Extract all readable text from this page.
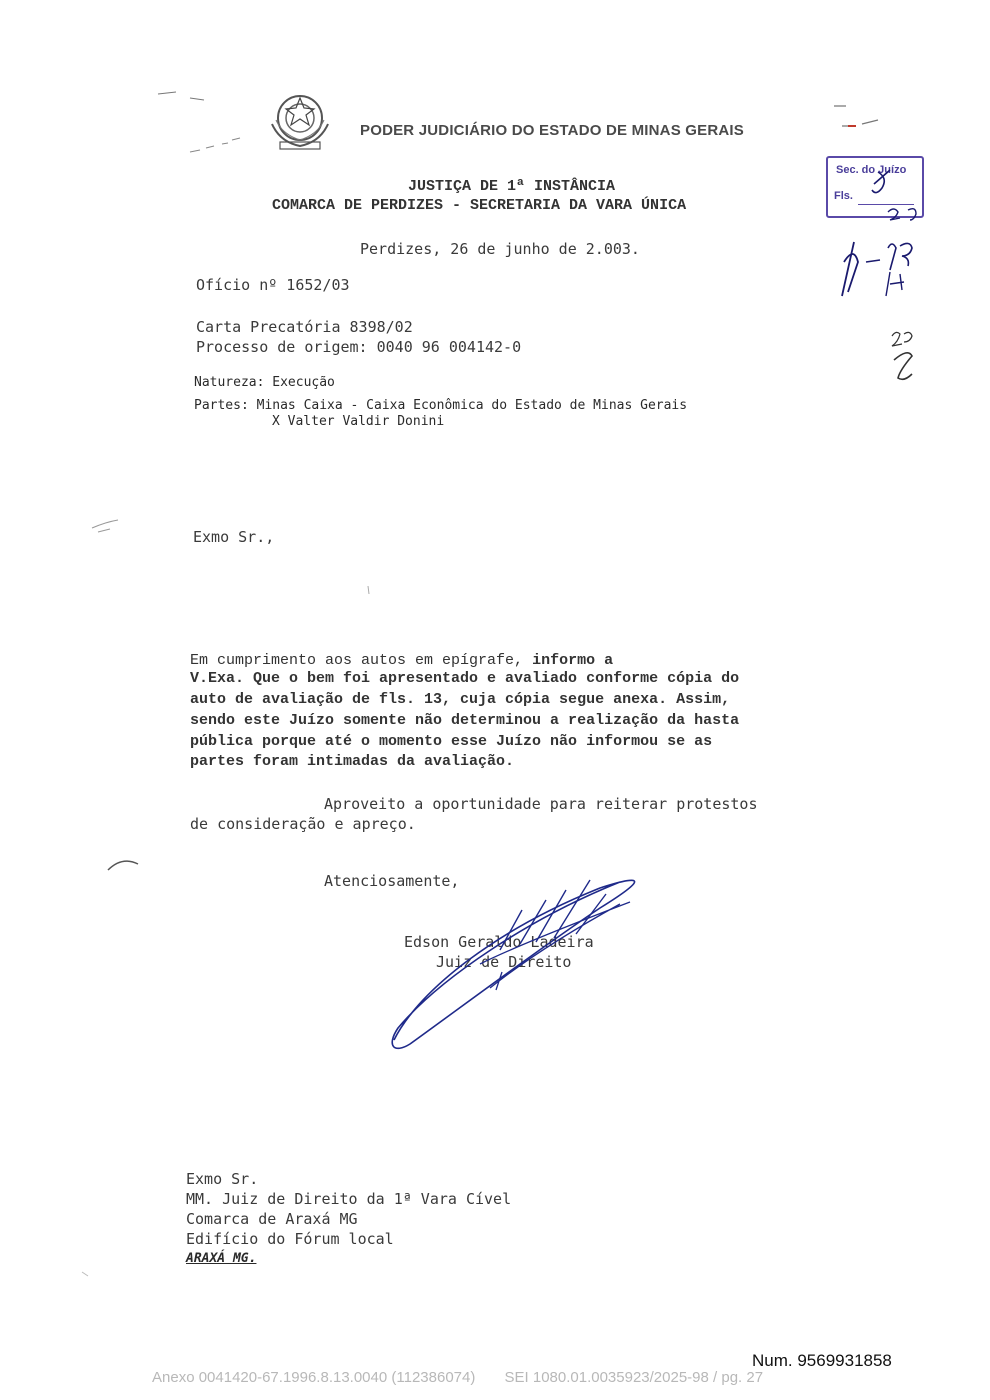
PODER JUDICIÁRIO DO ESTADO DE MINAS GERAIS
JUSTIÇA DE 1ª INSTÂNCIA
COMARCA DE PERDIZES - SECRETARIA DA VARA ÚNICA

Sec. do Juízo

Fls.

Perdizes, 26 de junho de 2.003.
Ofício nº 1652/03
Carta Precatória 8398/02
Processo de origem: 0040 96 004142-0
Natureza: Execução
Partes: Minas Caixa - Caixa Econômica do Estado de Minas Gerais
X Valter Valdir Donini
Exmo Sr.,
Em cumprimento aos autos em epígrafe, informo a
V.Exa. Que o bem foi apresentado e avaliado conforme cópia do
auto de avaliação de fls. 13, cuja cópia segue anexa. Assim,
sendo este Juízo somente não determinou a realização da hasta
pública porque até o momento esse Juízo não informou se as
partes foram intimadas da avaliação.
Aproveito a oportunidade para reiterar protestos
de consideração e apreço.
Atenciosamente,
Edson Geraldo Ladeira
Juiz de Direito
Exmo Sr.
MM. Juiz de Direito da 1ª Vara Cível
Comarca de Araxá MG
Edifício do Fórum local
ARAXÁ MG.
Num. 9569931858
Anexo 0041420-67.1996.8.13.0040 (112386074)       SEI 1080.01.0035923/2025-98 / pg. 27
